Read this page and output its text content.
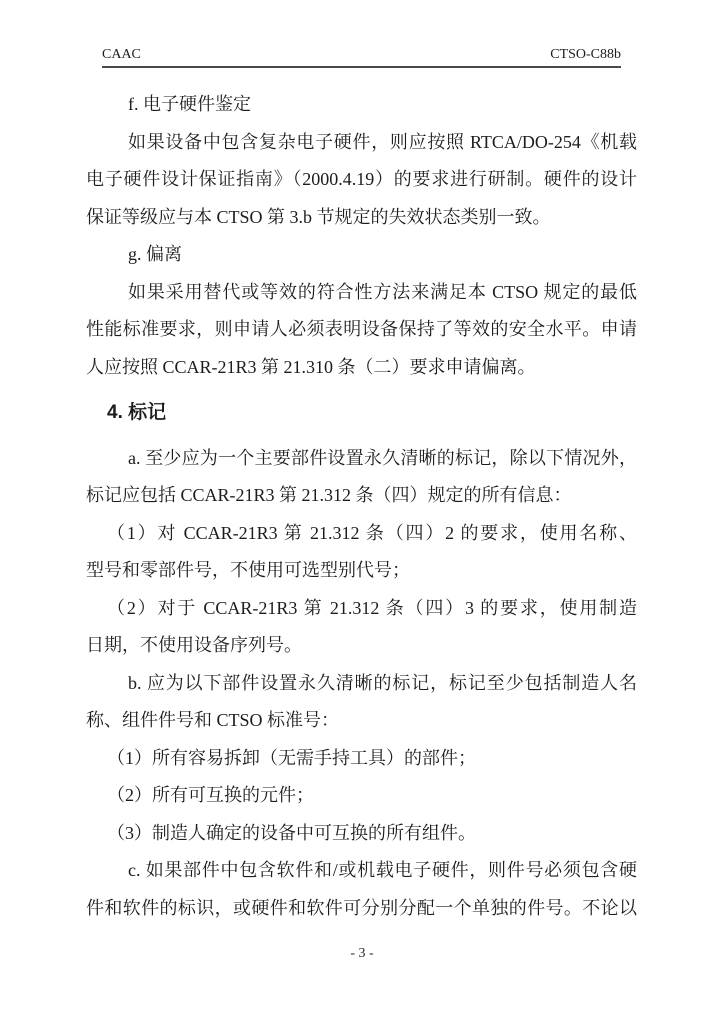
CAAC	CTSO-C88b
f. 电子硬件鉴定
如果设备中包含复杂电子硬件，则应按照 RTCA/DO-254《机载
电子硬件设计保证指南》（2000.4.19）的要求进行研制。硬件的设计
保证等级应与本 CTSO 第 3.b 节规定的失效状态类别一致。
g. 偏离
如果采用替代或等效的符合性方法来满足本 CTSO 规定的最低
性能标准要求，则申请人必须表明设备保持了等效的安全水平。申请
人应按照 CCAR-21R3 第 21.310 条（二）要求申请偏离。
4. 标记
a. 至少应为一个主要部件设置永久清晰的标记，除以下情况外，
标记应包括 CCAR-21R3 第 21.312 条（四）规定的所有信息：
（1）对 CCAR-21R3 第 21.312 条（四）2 的要求，使用名称、
型号和零部件号，不使用可选型别代号；
（2）对于 CCAR-21R3 第 21.312 条（四）3 的要求，使用制造
日期，不使用设备序列号。
b. 应为以下部件设置永久清晰的标记，标记至少包括制造人名
称、组件件号和 CTSO 标准号：
（1）所有容易拆卸（无需手持工具）的部件；
（2）所有可互换的元件；
（3）制造人确定的设备中可互换的所有组件。
c. 如果部件中包含软件和/或机载电子硬件，则件号必须包含硬
件和软件的标识，或硬件和软件可分别分配一个单独的件号。不论以
- 3 -
